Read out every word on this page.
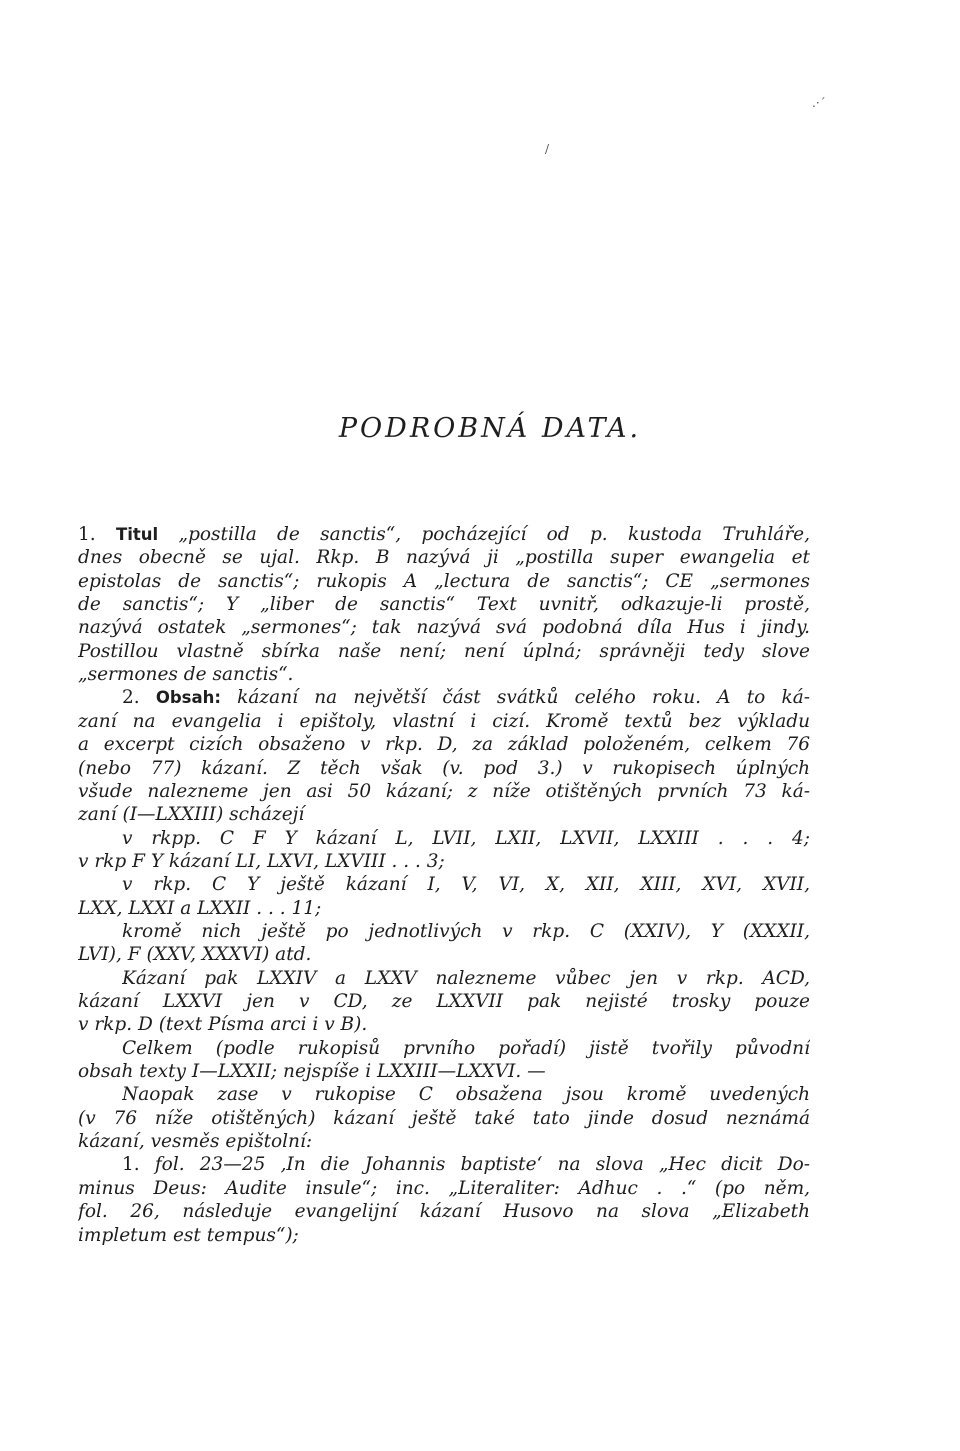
.·´
/
PODROBNÁ DATA.
1. Titul „postilla de sanctis“, pocházející od p. kustoda Truhláře,
dnes obecně se ujal. Rkp. B nazývá ji „postilla super ewangelia et
epistolas de sanctis“; rukopis A „lectura de sanctis“; CE „sermones
de sanctis“; Y „liber de sanctis“ Text uvnitř, odkazuje-li prostě,
nazývá ostatek „sermones“; tak nazývá svá podobná díla Hus i jindy.
Postillou vlastně sbírka naše není; není úplná; správněji tedy slove
„sermones de sanctis“.
2. Obsah: kázaní na největší část svátků celého roku. A to ká-
zaní na evangelia i epištoly, vlastní i cizí. Kromě textů bez výkladu
a excerpt cizích obsaženo v rkp. D, za základ položeném, celkem 76
(nebo 77) kázaní. Z těch však (v. pod 3.) v rukopisech úplných
všude nalezneme jen asi 50 kázaní; z níže otištěných prvních 73 ká-
zaní (I—LXXIII) scházejí
v rkpp. C F Y kázaní L, LVII, LXII, LXVII, LXXIII . . . 4;
v rkp F Y kázaní LI, LXVI, LXVIII . . . 3;
v rkp. C Y ještě kázaní I, V, VI, X, XII, XIII, XVI, XVII,
LXX, LXXI a LXXII . . . 11;
kromě nich ještě po jednotlivých v rkp. C (XXIV), Y (XXXII,
LVI), F (XXV, XXXVI) atd.
Kázaní pak LXXIV a LXXV nalezneme vůbec jen v rkp. ACD,
kázaní LXXVI jen v CD, ze LXXVII pak nejisté trosky pouze
v rkp. D (text Písma arci i v B).
Celkem (podle rukopisů prvního pořadí) jistě tvořily původní
obsah texty I—LXXII; nejspíše i LXXIII—LXXVI. —
Naopak zase v rukopise C obsažena jsou kromě uvedených
(v 76 níže otištěných) kázaní ještě také tato jinde dosud neznámá
kázaní, vesměs epištolní:
1. fol. 23—25 ‚In die Johannis baptiste‘ na slova „Hec dicit Do-
minus Deus: Audite insule“; inc. „Literaliter: Adhuc . .“ (po něm,
fol. 26, následuje evangelijní kázaní Husovo na slova „Elizabeth
impletum est tempus“);
